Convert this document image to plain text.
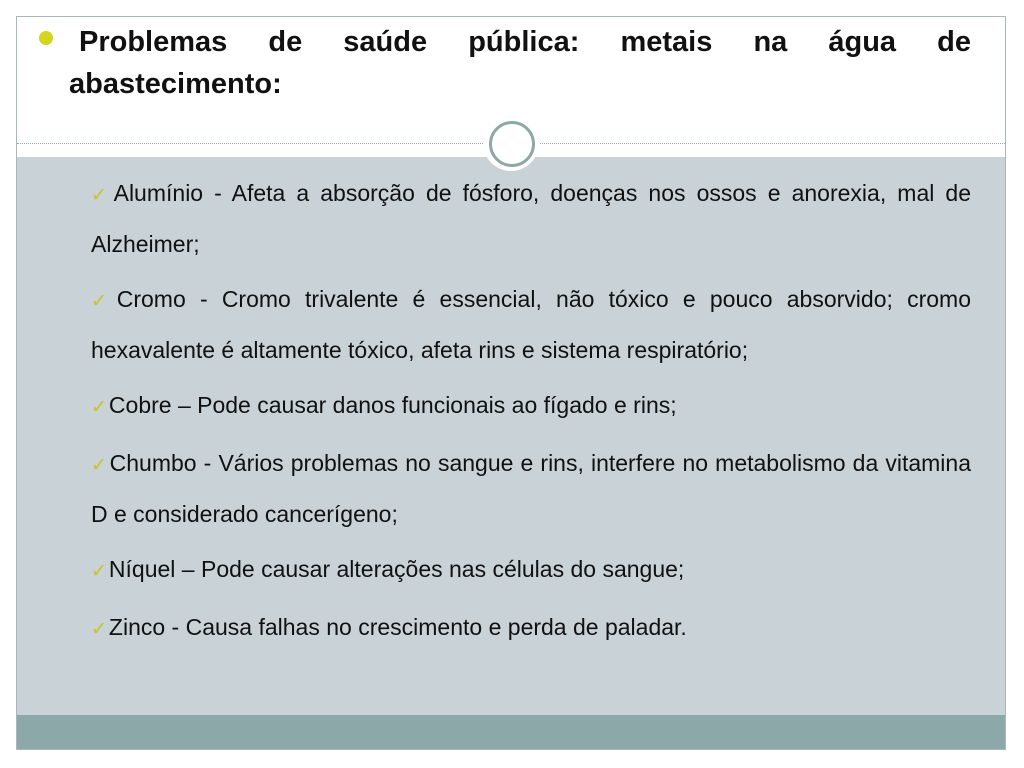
Problemas de saúde pública: metais na água de
abastecimento:
✓Alumínio - Afeta a absorção de fósforo, doenças nos ossos e anorexia, mal de Alzheimer;
✓Cromo - Cromo trivalente é essencial, não tóxico e pouco absorvido; cromo hexavalente é altamente tóxico, afeta rins e sistema respiratório;
✓Cobre – Pode causar danos funcionais ao fígado e rins;
✓Chumbo - Vários problemas no sangue e rins, interfere no metabolismo da vitamina D e considerado cancerígeno;
✓Níquel – Pode causar alterações nas células do sangue;
✓Zinco - Causa falhas no crescimento e perda de paladar.
